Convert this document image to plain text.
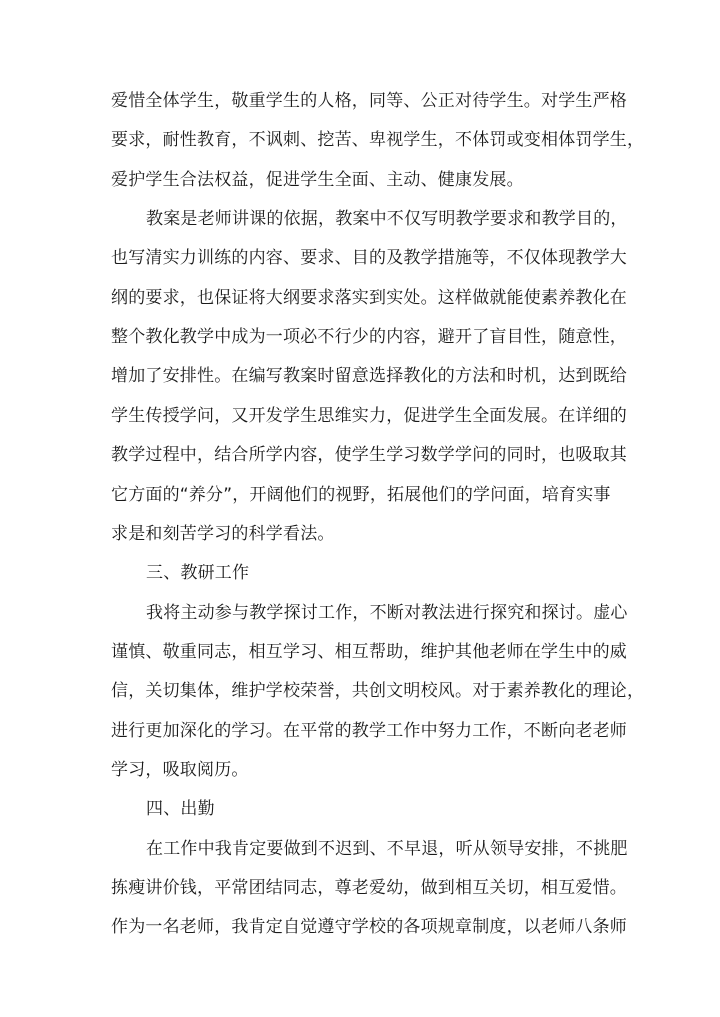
爱惜全体学生，敬重学生的人格，同等、公正对待学生。对学生严格
要求，耐性教育，不讽刺、挖苦、卑视学生，不体罚或变相体罚学生，
爱护学生合法权益，促进学生全面、主动、健康发展。
教案是老师讲课的依据，教案中不仅写明教学要求和教学目的，
也写清实力训练的内容、要求、目的及教学措施等，不仅体现教学大
纲的要求，也保证将大纲要求落实到实处。这样做就能使素养教化在
整个教化教学中成为一项必不行少的内容，避开了盲目性，随意性，
增加了安排性。在编写教案时留意选择教化的方法和时机，达到既给
学生传授学问，又开发学生思维实力，促进学生全面发展。在详细的
教学过程中，结合所学内容，使学生学习数学学问的同时，也吸取其
它方面的“养分”，开阔他们的视野，拓展他们的学问面，培育实事
求是和刻苦学习的科学看法。
三、教研工作
我将主动参与教学探讨工作，不断对教法进行探究和探讨。虚心
谨慎、敬重同志，相互学习、相互帮助，维护其他老师在学生中的威
信，关切集体，维护学校荣誉，共创文明校风。对于素养教化的理论，
进行更加深化的学习。在平常的教学工作中努力工作，不断向老老师
学习，吸取阅历。
四、出勤
在工作中我肯定要做到不迟到、不早退，听从领导安排，不挑肥
拣瘦讲价钱，平常团结同志，尊老爱幼，做到相互关切，相互爱惜。
作为一名老师，我肯定自觉遵守学校的各项规章制度，以老师八条师
